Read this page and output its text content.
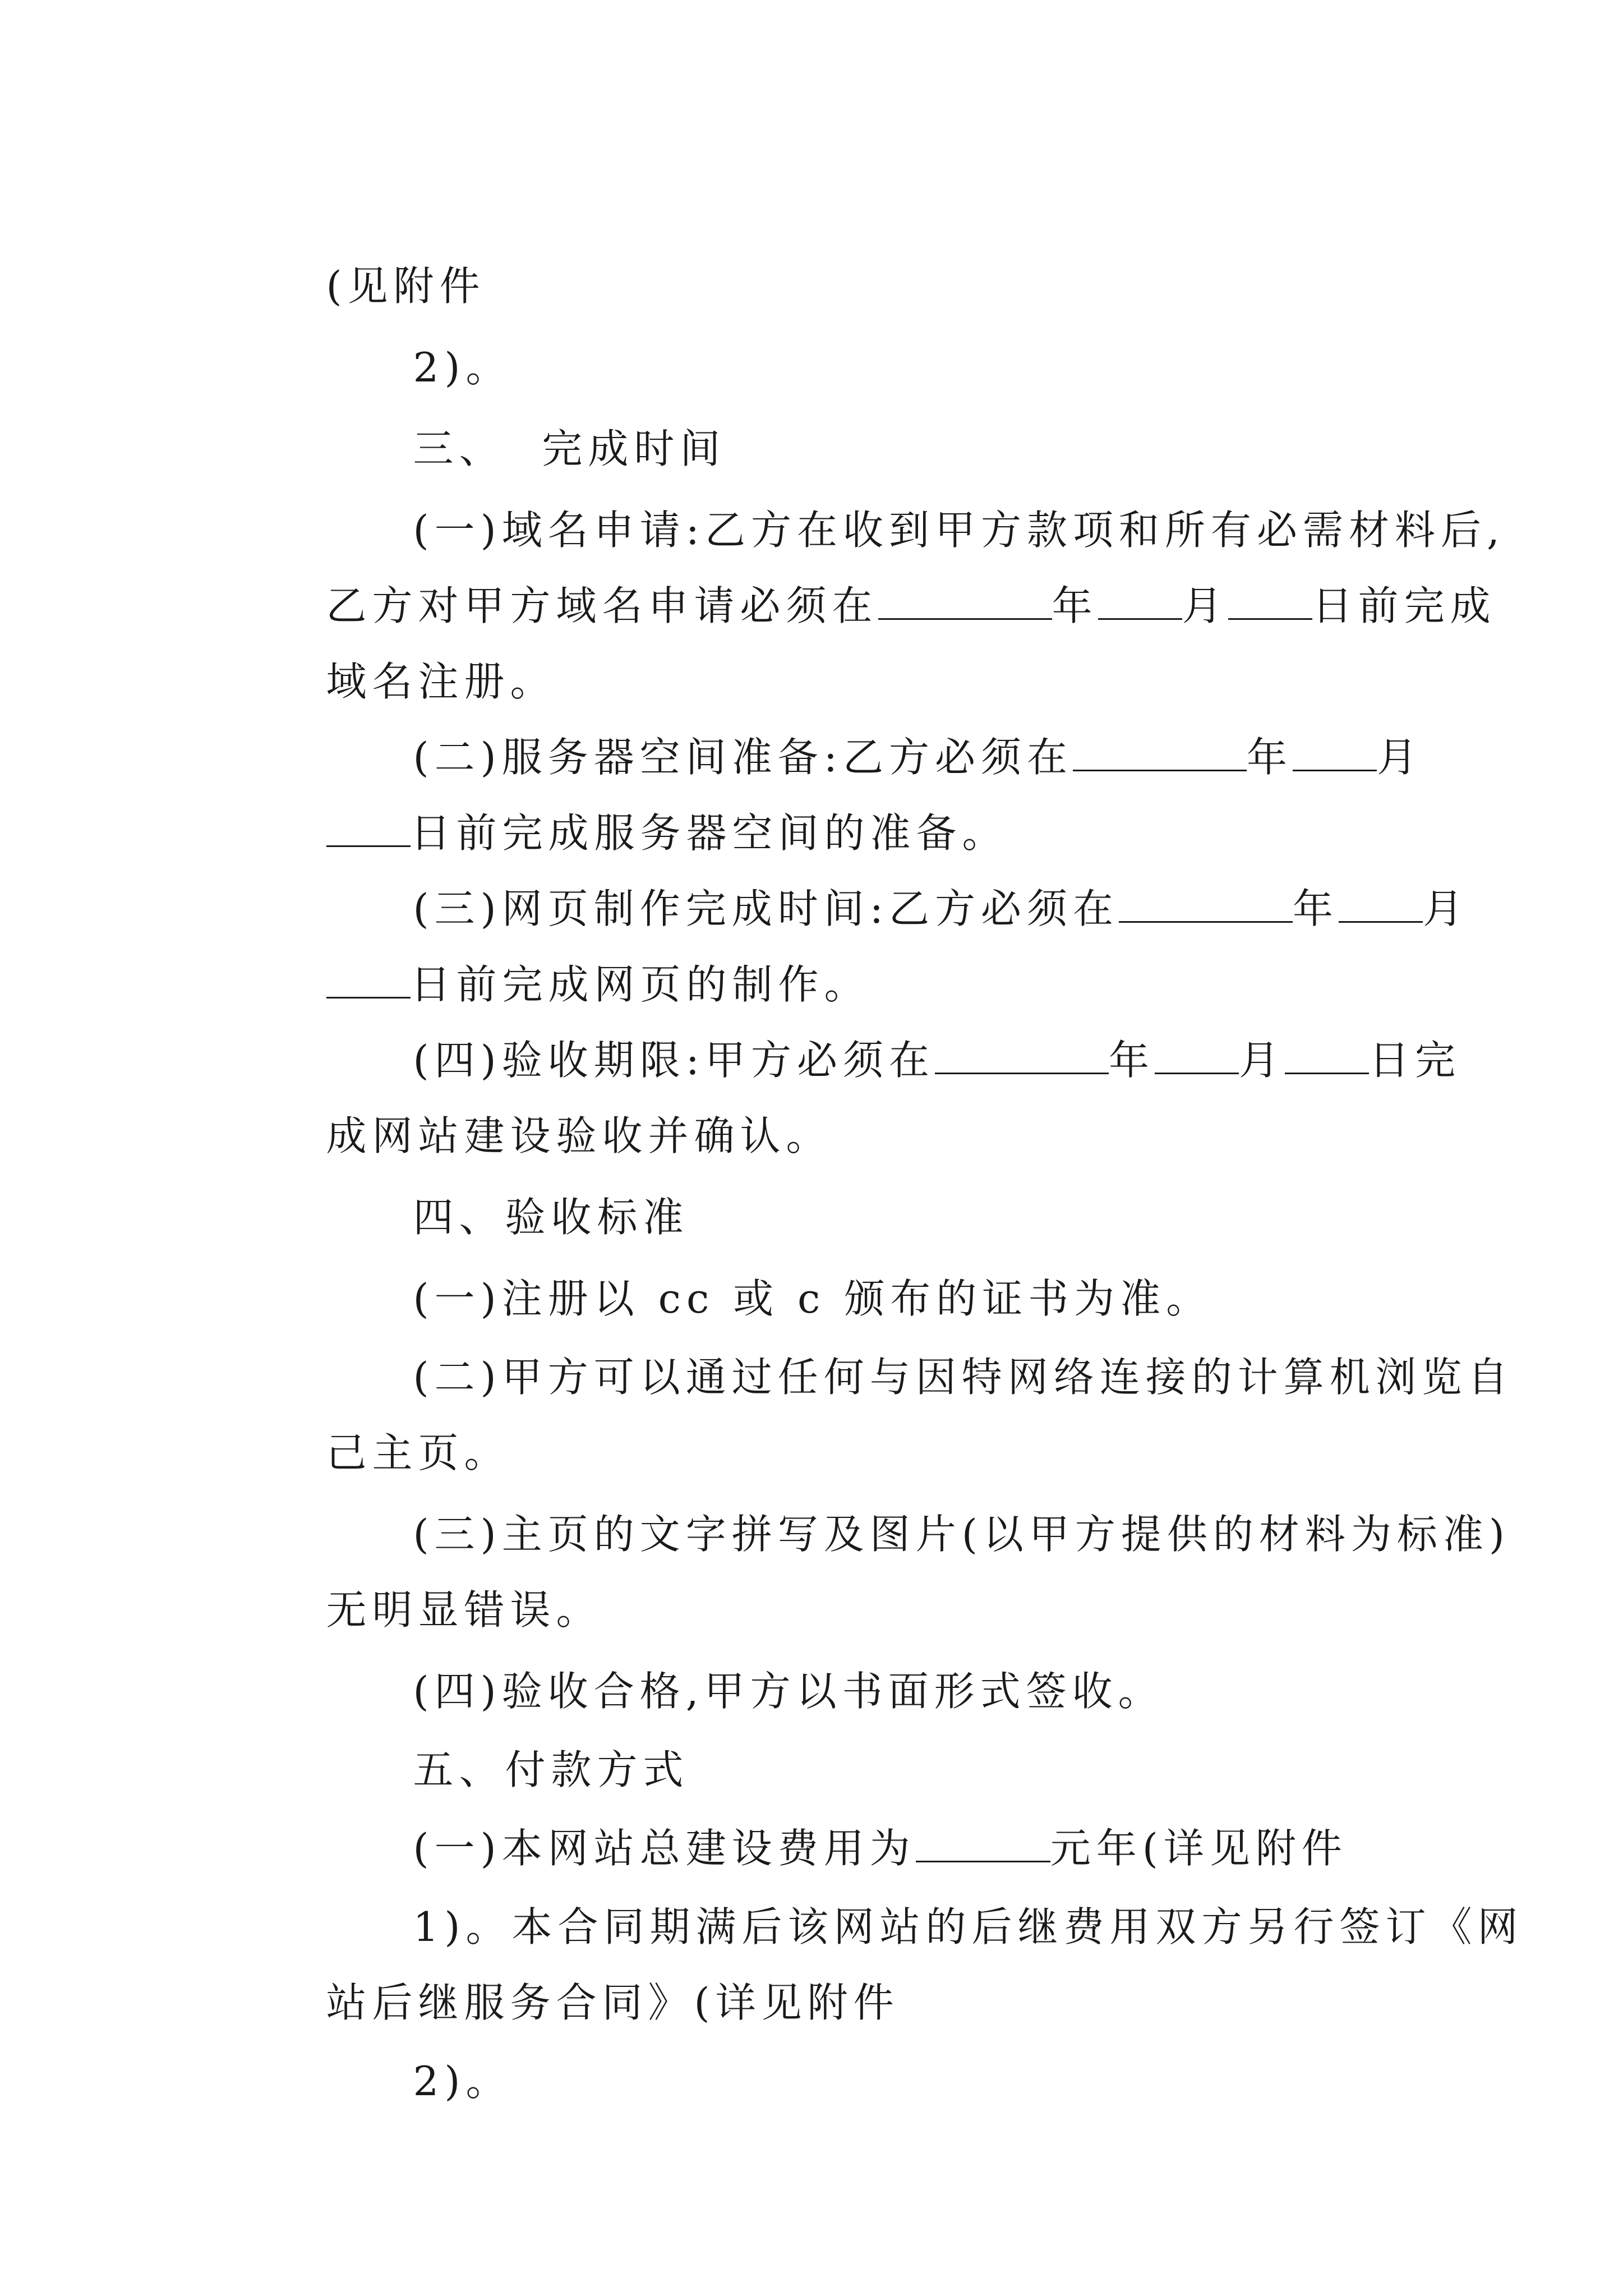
(见附件

2)。

三、  完成时间

(一)域名申请:乙方在收到甲方款项和所有必需材料后,

乙方对甲方域名申请必须在	年 月 日前完成

域名注册。

(二)服务器空间准备:乙方必须在	年 月

日前完成服务器空间的准备。

(三)网页制作完成时间:乙方必须在	年 月

日前完成网页的制作。

(四)验收期限:甲方必须在	年 月 日完

成网站建设验收并确认。

四、验收标准

(一)注册以 cc 或 c 颁布的证书为准。

(二)甲方可以通过任何与因特网络连接的计算机浏览自

己主页。

(三)主页的文字拼写及图片(以甲方提供的材料为标准)

无明显错误。

(四)验收合格,甲方以书面形式签收。

五、付款方式

(一)本网站总建设费用为	元年(详见附件

1)。本合同期满后该网站的后继费用双方另行签订《网

站后继服务合同》(详见附件

2)。
